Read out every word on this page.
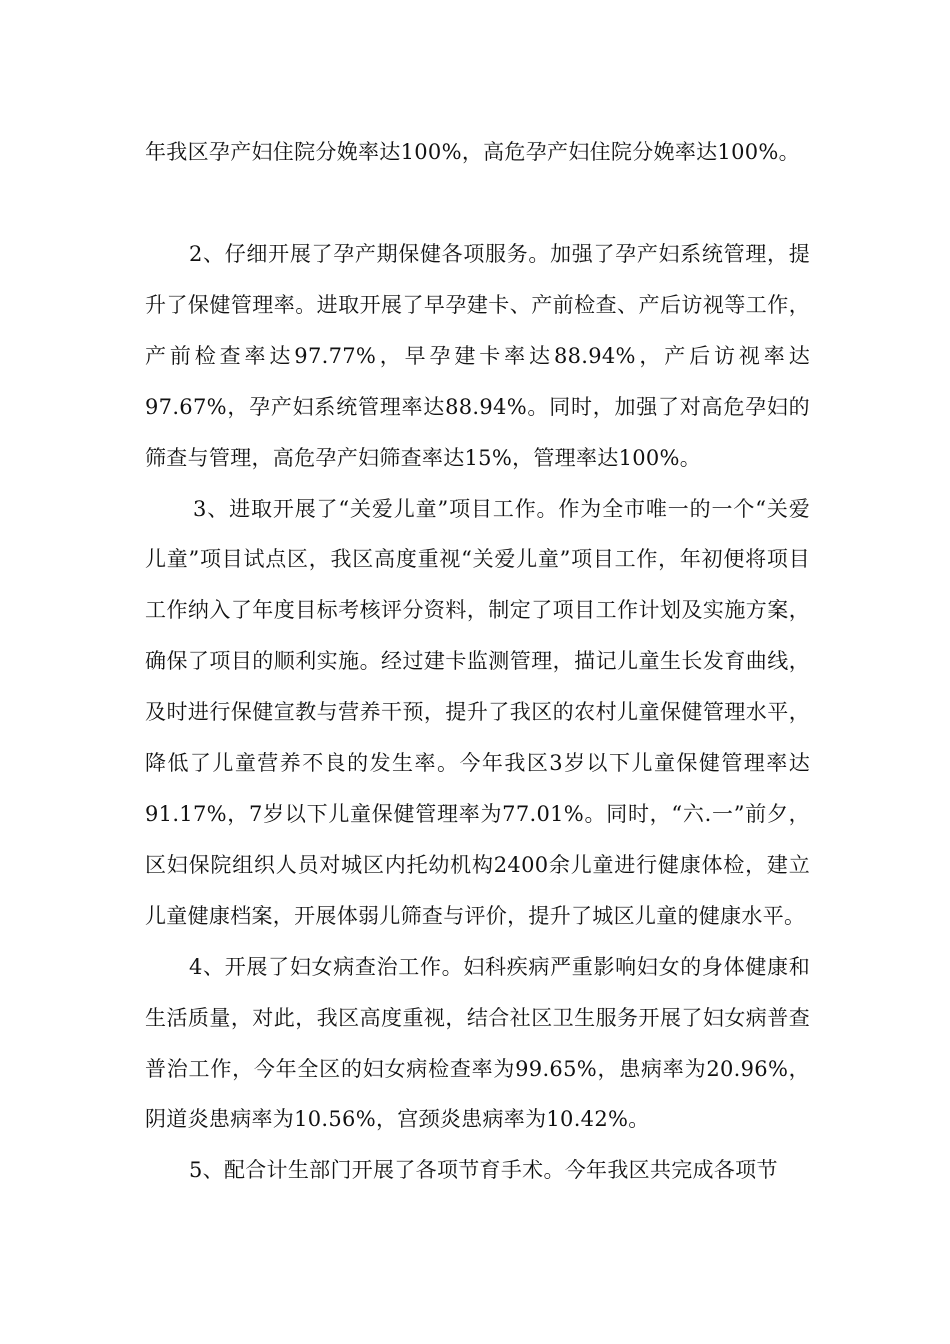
年我区孕产妇住院分娩率达100%，高危孕产妇住院分娩率达100%。

2、仔细开展了孕产期保健各项服务。加强了孕产妇系统管理，提升了保健管理率。进取开展了早孕建卡、产前检查、产后访视等工作，产前检查率达97.77%，早孕建卡率达88.94%，产后访视率达97.67%，孕产妇系统管理率达88.94%。同时，加强了对高危孕妇的筛查与管理，高危孕产妇筛查率达15%，管理率达100%。

3、进取开展了“关爱儿童”项目工作。作为全市唯一的一个“关爱儿童”项目试点区，我区高度重视“关爱儿童”项目工作，年初便将项目工作纳入了年度目标考核评分资料，制定了项目工作计划及实施方案，确保了项目的顺利实施。经过建卡监测管理，描记儿童生长发育曲线，及时进行保健宣教与营养干预，提升了我区的农村儿童保健管理水平，降低了儿童营养不良的发生率。今年我区3岁以下儿童保健管理率达91.17%，7岁以下儿童保健管理率为77.01%。同时，“六.一”前夕，区妇保院组织人员对城区内托幼机构2400余儿童进行健康体检，建立儿童健康档案，开展体弱儿筛查与评价，提升了城区儿童的健康水平。

4、开展了妇女病查治工作。妇科疾病严重影响妇女的身体健康和生活质量，对此，我区高度重视，结合社区卫生服务开展了妇女病普查普治工作，今年全区的妇女病检查率为99.65%，患病率为20.96%，阴道炎患病率为10.56%，宫颈炎患病率为10.42%。

5、配合计生部门开展了各项节育手术。今年我区共完成各项节
